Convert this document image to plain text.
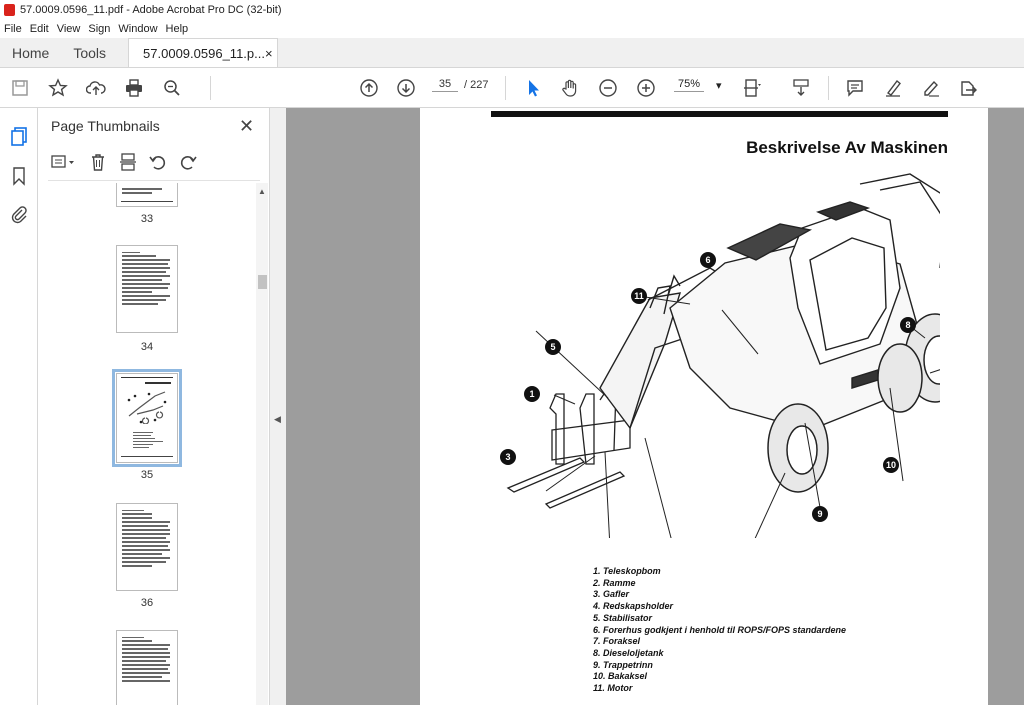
57.0009.0596_11.pdf - Adobe Acrobat Pro DC (32-bit)
File Edit View Sign Window Help
Home	Tools	57.0009.0596_11.p... ×
35	/ 227	75%	▾
Page Thumbnails	✕
33
34
35
36
▲
◀
Beskrivelse Av Maskinen
1
3
5
6
8
9
10
11
1. Teleskopbom
2. Ramme
3. Gafler
4. Redskapsholder
5. Stabilisator
6. Forerhus godkjent i henhold til ROPS/FOPS standardene
7. Foraksel
8. Dieseloljetank
9. Trappetrinn
10. Bakaksel
11. Motor
